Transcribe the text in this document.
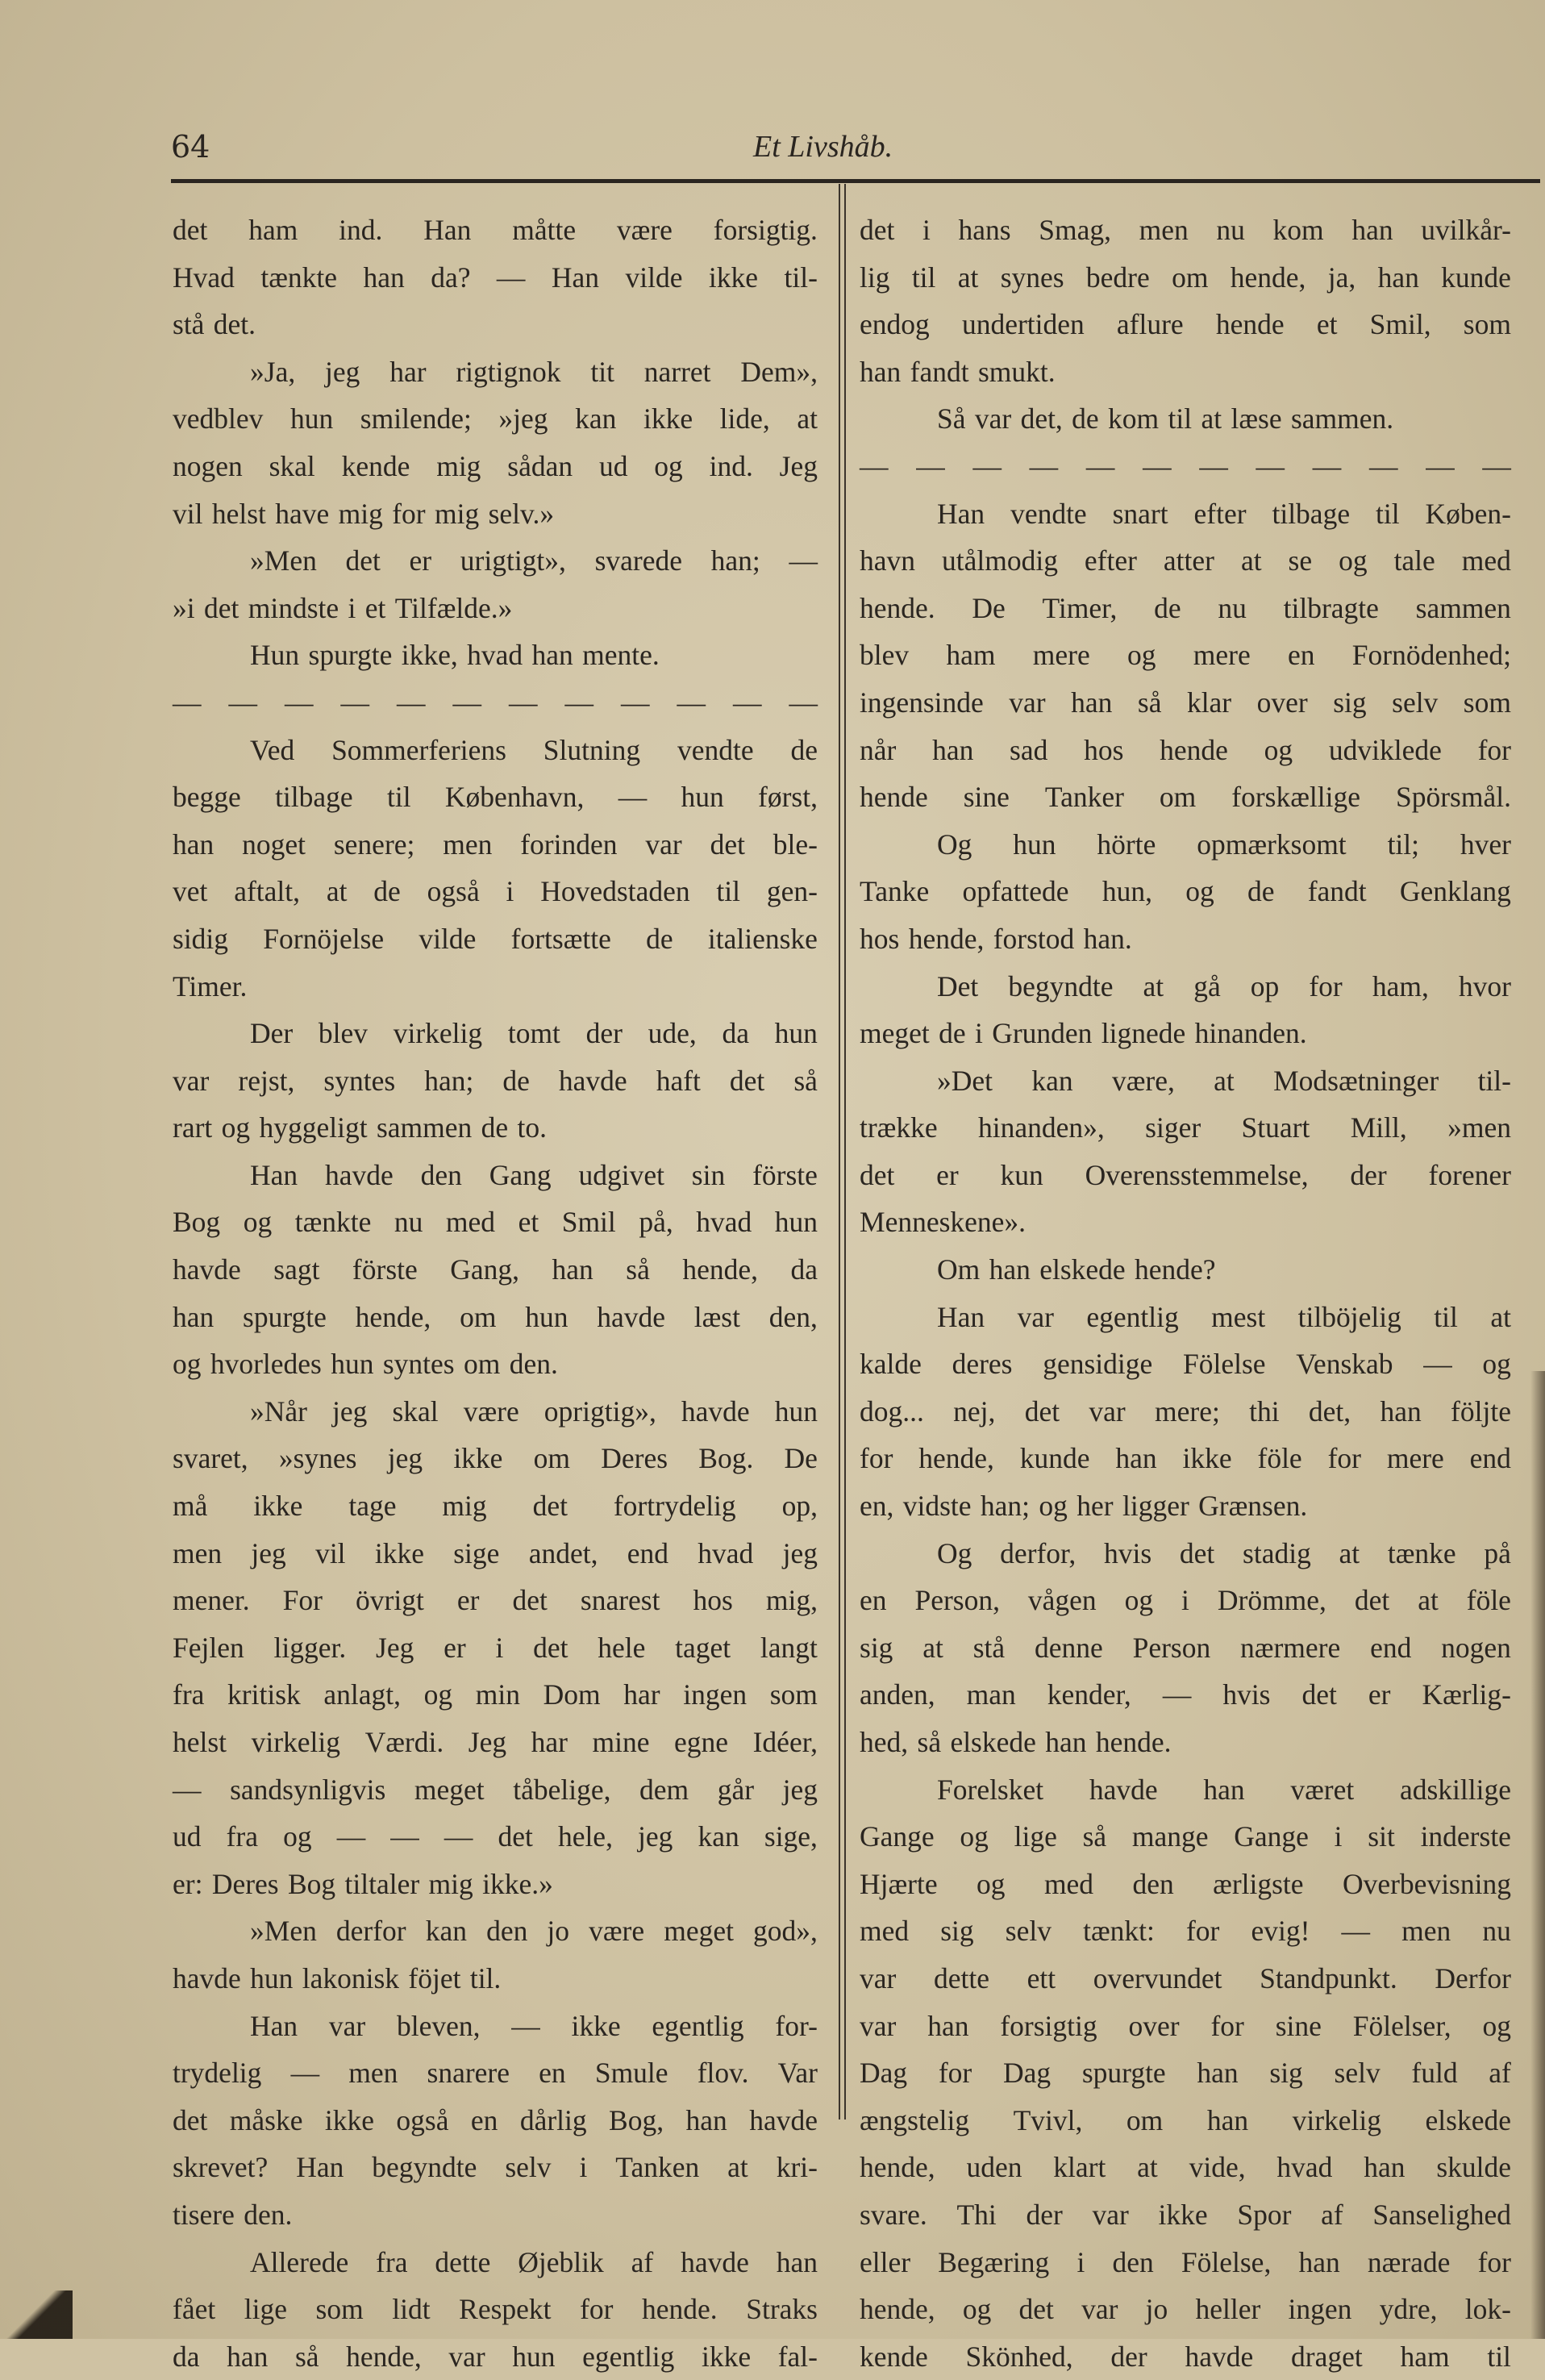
64	Et Livshåb.
det ham ind. Han måtte være forsigtig.
Hvad tænkte han da? — Han vilde ikke til-
stå det.
»Ja, jeg har rigtignok tit narret Dem»,
vedblev hun smilende; »jeg kan ikke lide, at
nogen skal kende mig sådan ud og ind. Jeg
vil helst have mig for mig selv.»
»Men det er urigtigt», svarede han; —
»i det mindste i et Tilfælde.»
Hun spurgte ikke, hvad han mente.
— — — — — — — — — — — —
Ved Sommerferiens Slutning vendte de
begge tilbage til København, — hun først,
han noget senere; men forinden var det ble-
vet aftalt, at de også i Hovedstaden til gen-
sidig Fornöjelse vilde fortsætte de italienske
Timer.
Der blev virkelig tomt der ude, da hun
var rejst, syntes han; de havde haft det så
rart og hyggeligt sammen de to.
Han havde den Gang udgivet sin förste
Bog og tænkte nu med et Smil på, hvad hun
havde sagt förste Gang, han så hende, da
han spurgte hende, om hun havde læst den,
og hvorledes hun syntes om den.
»Når jeg skal være oprigtig», havde hun
svaret, »synes jeg ikke om Deres Bog. De
må ikke tage mig det fortrydelig op,
men jeg vil ikke sige andet, end hvad jeg
mener. For övrigt er det snarest hos mig,
Fejlen ligger. Jeg er i det hele taget langt
fra kritisk anlagt, og min Dom har ingen som
helst virkelig Værdi. Jeg har mine egne Idéer,
— sandsynligvis meget tåbelige, dem går jeg
ud fra og — — — det hele, jeg kan sige,
er: Deres Bog tiltaler mig ikke.»
»Men derfor kan den jo være meget god»,
havde hun lakonisk föjet til.
Han var bleven, — ikke egentlig for-
trydelig — men snarere en Smule flov. Var
det måske ikke også en dårlig Bog, han havde
skrevet? Han begyndte selv i Tanken at kri-
tisere den.
Allerede fra dette Øjeblik af havde han
fået lige som lidt Respekt for hende. Straks
da han så hende, var hun egentlig ikke fal-
det i hans Smag, men nu kom han uvilkår-
lig til at synes bedre om hende, ja, han kunde
endog undertiden aflure hende et Smil, som
han fandt smukt.
Så var det, de kom til at læse sammen.
— — — — — — — — — — — —
Han vendte snart efter tilbage til Køben-
havn utålmodig efter atter at se og tale med
hende. De Timer, de nu tilbragte sammen
blev ham mere og mere en Fornödenhed;
ingensinde var han så klar over sig selv som
når han sad hos hende og udviklede for
hende sine Tanker om forskællige Spörsmål.
Og hun hörte opmærksomt til; hver
Tanke opfattede hun, og de fandt Genklang
hos hende, forstod han.
Det begyndte at gå op for ham, hvor
meget de i Grunden lignede hinanden.
»Det kan være, at Modsætninger til-
trække hinanden», siger Stuart Mill, »men
det er kun Overensstemmelse, der forener
Menneskene».
Om han elskede hende?
Han var egentlig mest tilböjelig til at
kalde deres gensidige Fölelse Venskab — og
dog... nej, det var mere; thi det, han följte
for hende, kunde han ikke föle for mere end
en, vidste han; og her ligger Grænsen.
Og derfor, hvis det stadig at tænke på
en Person, vågen og i Drömme, det at föle
sig at stå denne Person nærmere end nogen
anden, man kender, — hvis det er Kærlig-
hed, så elskede han hende.
Forelsket havde han været adskillige
Gange og lige så mange Gange i sit inderste
Hjærte og med den ærligste Overbevisning
med sig selv tænkt: for evig! — men nu
var dette ett overvundet Standpunkt. Derfor
var han forsigtig over for sine Fölelser, og
Dag for Dag spurgte han sig selv fuld af
ængstelig Tvivl, om han virkelig elskede
hende, uden klart at vide, hvad han skulde
svare. Thi der var ikke Spor af Sanselighed
eller Begæring i den Fölelse, han nærade for
hende, og det var jo heller ingen ydre, lok-
kende Skönhed, der havde draget ham til
